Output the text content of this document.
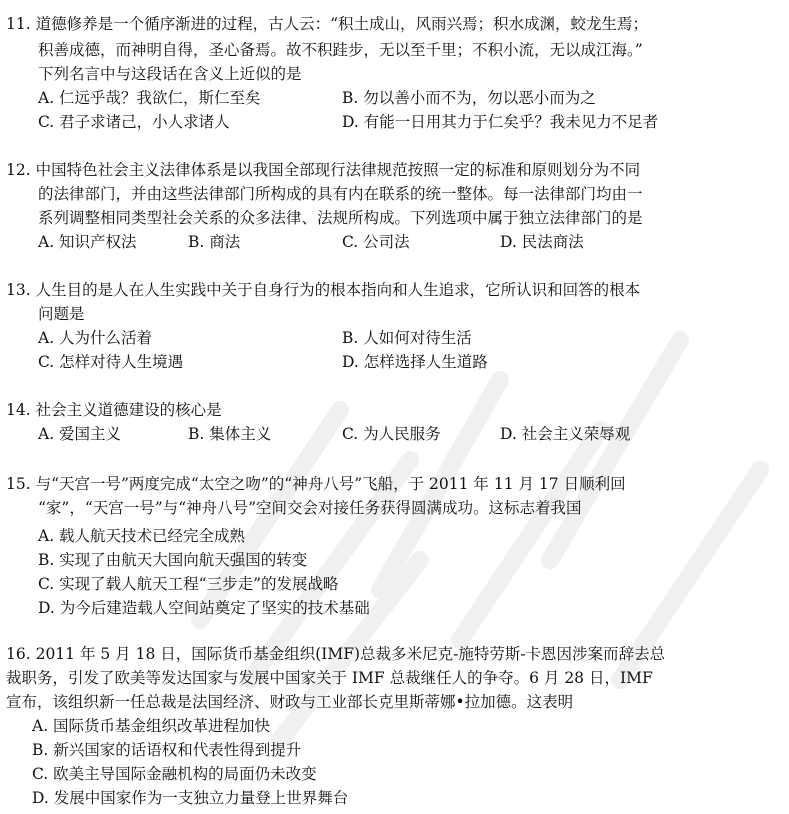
11. 道德修养是一个循序渐进的过程，古人云：“积土成山，风雨兴焉；积水成渊，蛟龙生焉；
积善成德，而神明自得，圣心备焉。故不积跬步，无以至千里；不积小流，无以成江海。”
下列名言中与这段话在含义上近似的是
A. 仁远乎哉？我欲仁，斯仁至矣	B. 勿以善小而不为，勿以恶小而为之
C. 君子求诸己，小人求诸人	D. 有能一日用其力于仁矣乎？我未见力不足者
12. 中国特色社会主义法律体系是以我国全部现行法律规范按照一定的标准和原则划分为不同
的法律部门，并由这些法律部门所构成的具有内在联系的统一整体。每一法律部门均由一
系列调整相同类型社会关系的众多法律、法规所构成。下列选项中属于独立法律部门的是
A. 知识产权法	B. 商法	C. 公司法	D. 民法商法
13. 人生目的是人在人生实践中关于自身行为的根本指向和人生追求，它所认识和回答的根本
问题是
A. 人为什么活着	B. 人如何对待生活
C. 怎样对待人生境遇	D. 怎样选择人生道路
14. 社会主义道德建设的核心是
A. 爱国主义	B. 集体主义	C. 为人民服务	D. 社会主义荣辱观
15. 与“天宫一号”两度完成“太空之吻”的“神舟八号”飞船，于 2011 年 11 月 17 日顺利回
“家”，“天宫一号”与“神舟八号”空间交会对接任务获得圆满成功。这标志着我国
A. 载人航天技术已经完全成熟
B. 实现了由航天大国向航天强国的转变
C. 实现了载人航天工程“三步走”的发展战略
D. 为今后建造载人空间站奠定了坚实的技术基础
16. 2011 年 5 月 18 日，国际货币基金组织(IMF)总裁多米尼克-施特劳斯-卡恩因涉案而辞去总
裁职务，引发了欧美等发达国家与发展中国家关于 IMF 总裁继任人的争夺。6 月 28 日，IMF
宣布，该组织新一任总裁是法国经济、财政与工业部长克里斯蒂娜•拉加德。这表明
A. 国际货币基金组织改革进程加快
B. 新兴国家的话语权和代表性得到提升
C. 欧美主导国际金融机构的局面仍未改变
D. 发展中国家作为一支独立力量登上世界舞台
